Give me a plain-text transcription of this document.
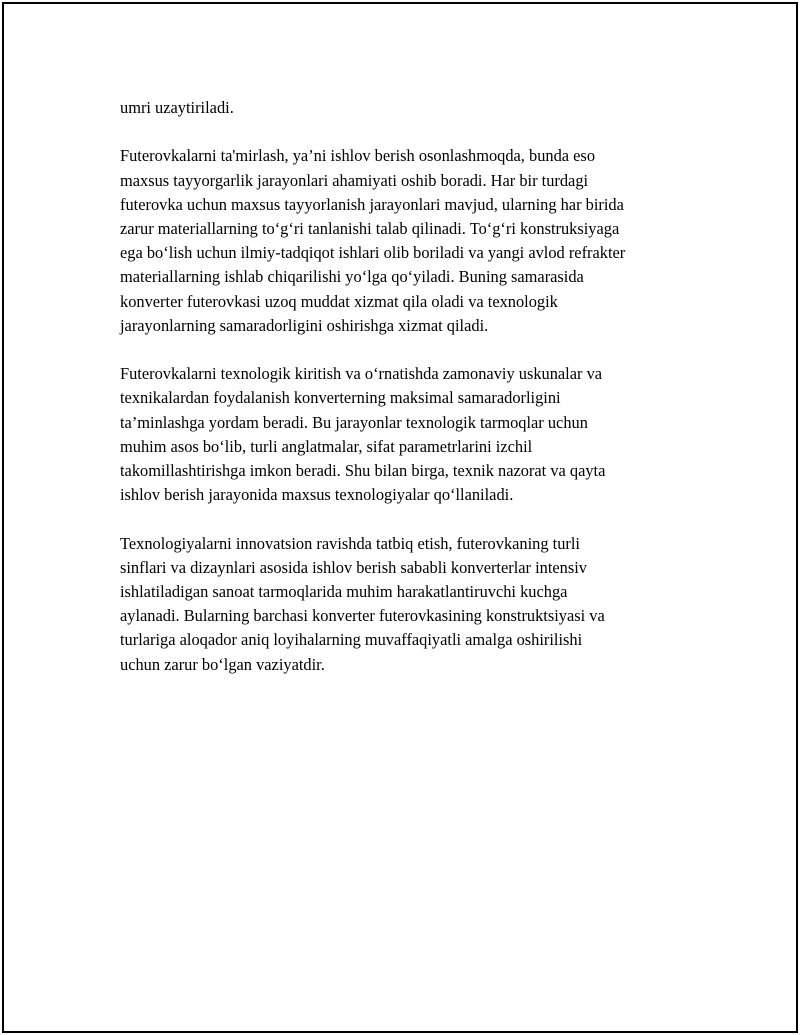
umri uzaytiriladi.

Futerovkalarni ta'mirlash, ya’ni ishlov berish osonlashmoqda, bunda eso
maxsus tayyorgarlik jarayonlari ahamiyati oshib boradi. Har bir turdagi
futerovka uchun maxsus tayyorlanish jarayonlari mavjud, ularning har birida
zarur materiallarning to‘g‘ri tanlanishi talab qilinadi. To‘g‘ri konstruksiyaga
ega bo‘lish uchun ilmiy-tadqiqot ishlari olib boriladi va yangi avlod refrakter
materiallarning ishlab chiqarilishi yo‘lga qo‘yiladi. Buning samarasida
konverter futerovkasi uzoq muddat xizmat qila oladi va texnologik
jarayonlarning samaradorligini oshirishga xizmat qiladi.

Futerovkalarni texnologik kiritish va o‘rnatishda zamonaviy uskunalar va
texnikalardan foydalanish konverterning maksimal samaradorligini
ta’minlashga yordam beradi. Bu jarayonlar texnologik tarmoqlar uchun
muhim asos bo‘lib, turli anglatmalar, sifat parametrlarini izchil
takomillashtirishga imkon beradi. Shu bilan birga, texnik nazorat va qayta
ishlov berish jarayonida maxsus texnologiyalar qo‘llaniladi.

Texnologiyalarni innovatsion ravishda tatbiq etish, futerovkaning turli
sinflari va dizaynlari asosida ishlov berish sababli konverterlar intensiv
ishlatiladigan sanoat tarmoqlarida muhim harakatlantiruvchi kuchga
aylanadi. Bularning barchasi konverter futerovkasining konstruktsiyasi va
turlariga aloqador aniq loyihalarning muvaffaqiyatli amalga oshirilishi
uchun zarur bo‘lgan vaziyatdir.
